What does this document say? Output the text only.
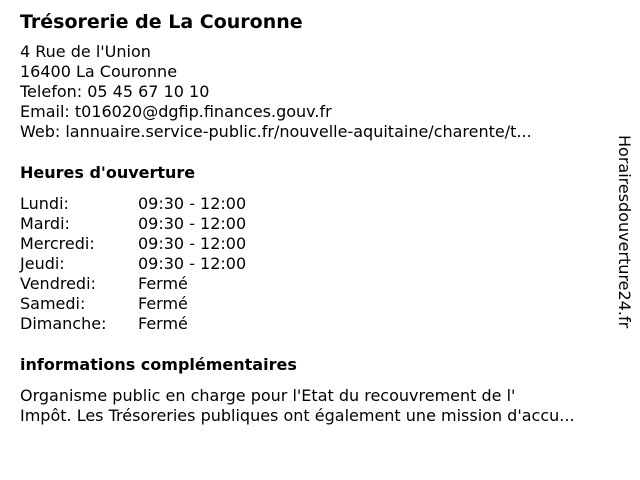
Trésorerie de La Couronne
4 Rue de l'Union
16400 La Couronne
Telefon: 05 45 67 10 10
Email: t016020@dgfip.finances.gouv.fr
Web: lannuaire.service-public.fr/nouvelle-aquitaine/charente/t...
Heures d'ouverture
Lundi:	09:30 - 12:00
Mardi:	09:30 - 12:00
Mercredi:	09:30 - 12:00
Jeudi:	09:30 - 12:00
Vendredi:	Fermé
Samedi:	Fermé
Dimanche:	Fermé
informations complémentaires
Organisme public en charge pour l'Etat du recouvrement de l'
Impôt. Les Trésoreries publiques ont également une mission d'accu...
Horairesdouverture24.fr
